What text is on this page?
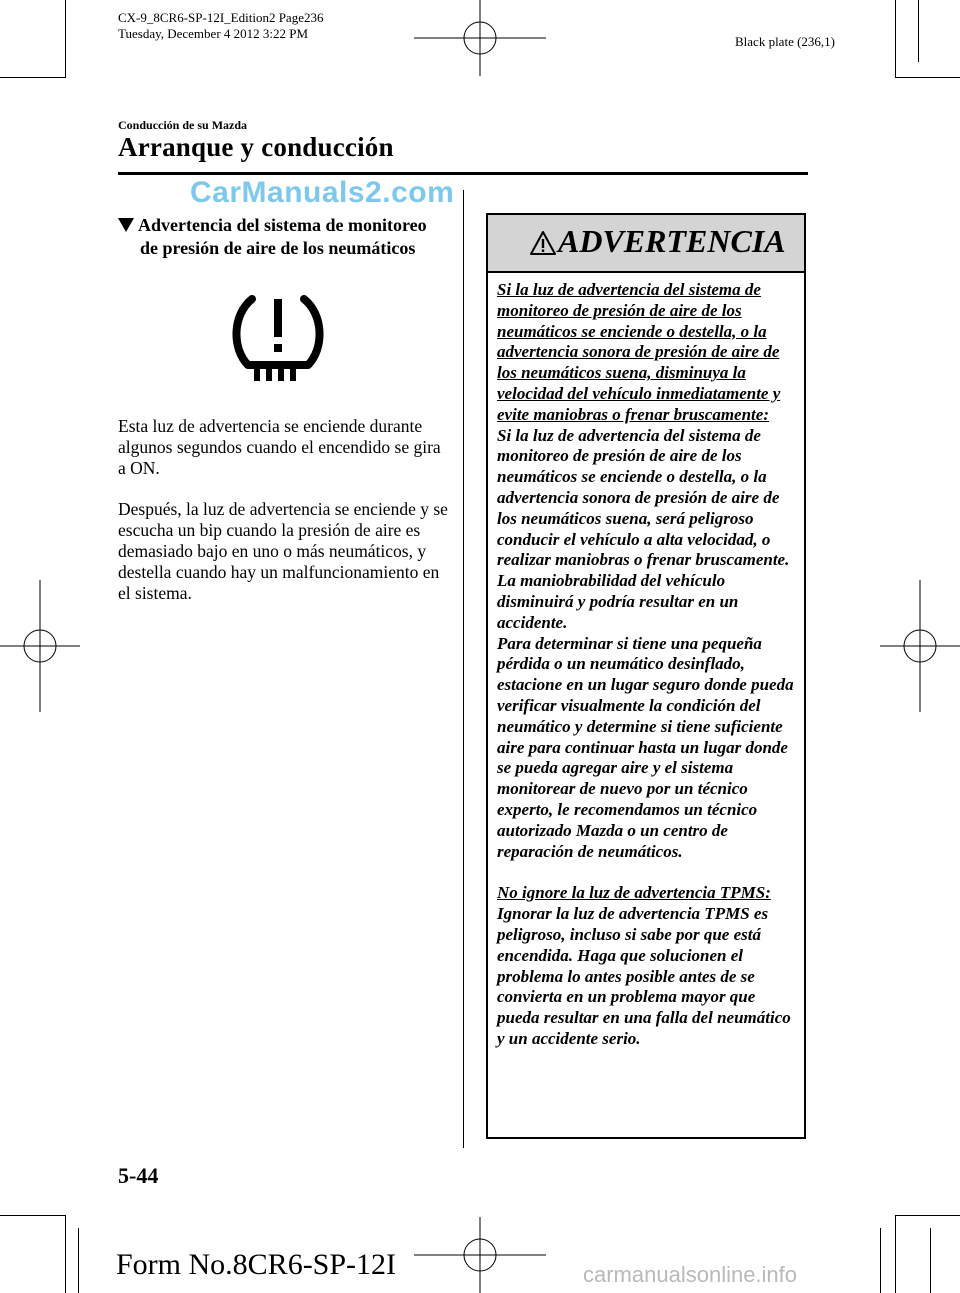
CX-9_8CR6-SP-12I_Edition2 Page236
Tuesday, December 4 2012 3:22 PM
Black plate (236,1)
Conducción de su Mazda
Arranque y conducción
CarManuals2.com
Advertencia del sistema de monitoreo
de presión de aire de los neumáticos
Esta luz de advertencia se enciende durante algunos segundos cuando el encendido se gira a ON.
Después, la luz de advertencia se enciende y se escucha un bip cuando la presión de aire es demasiado bajo en uno o más neumáticos, y destella cuando hay un malfuncionamiento en el sistema.
ADVERTENCIA
Si la luz de advertencia del sistema de monitoreo de presión de aire de los neumáticos se enciende o destella, o la advertencia sonora de presión de aire de los neumáticos suena, disminuya la velocidad del vehículo inmediatamente y evite maniobras o frenar bruscamente:
Si la luz de advertencia del sistema de monitoreo de presión de aire de los neumáticos se enciende o destella, o la advertencia sonora de presión de aire de los neumáticos suena, será peligroso conducir el vehículo a alta velocidad, o realizar maniobras o frenar bruscamente. La maniobrabilidad del vehículo disminuirá y podría resultar en un accidente.
Para determinar si tiene una pequeña pérdida o un neumático desinflado, estacione en un lugar seguro donde pueda verificar visualmente la condición del neumático y determine si tiene suficiente aire para continuar hasta un lugar donde se pueda agregar aire y el sistema monitorear de nuevo por un técnico experto, le recomendamos un técnico autorizado Mazda o un centro de reparación de neumáticos.
No ignore la luz de advertencia TPMS:
Ignorar la luz de advertencia TPMS es peligroso, incluso si sabe por que está encendida. Haga que solucionen el problema lo antes posible antes de se convierta en un problema mayor que pueda resultar en una falla del neumático y un accidente serio.
5-44
Form No.8CR6-SP-12I	carmanualsonline.info
